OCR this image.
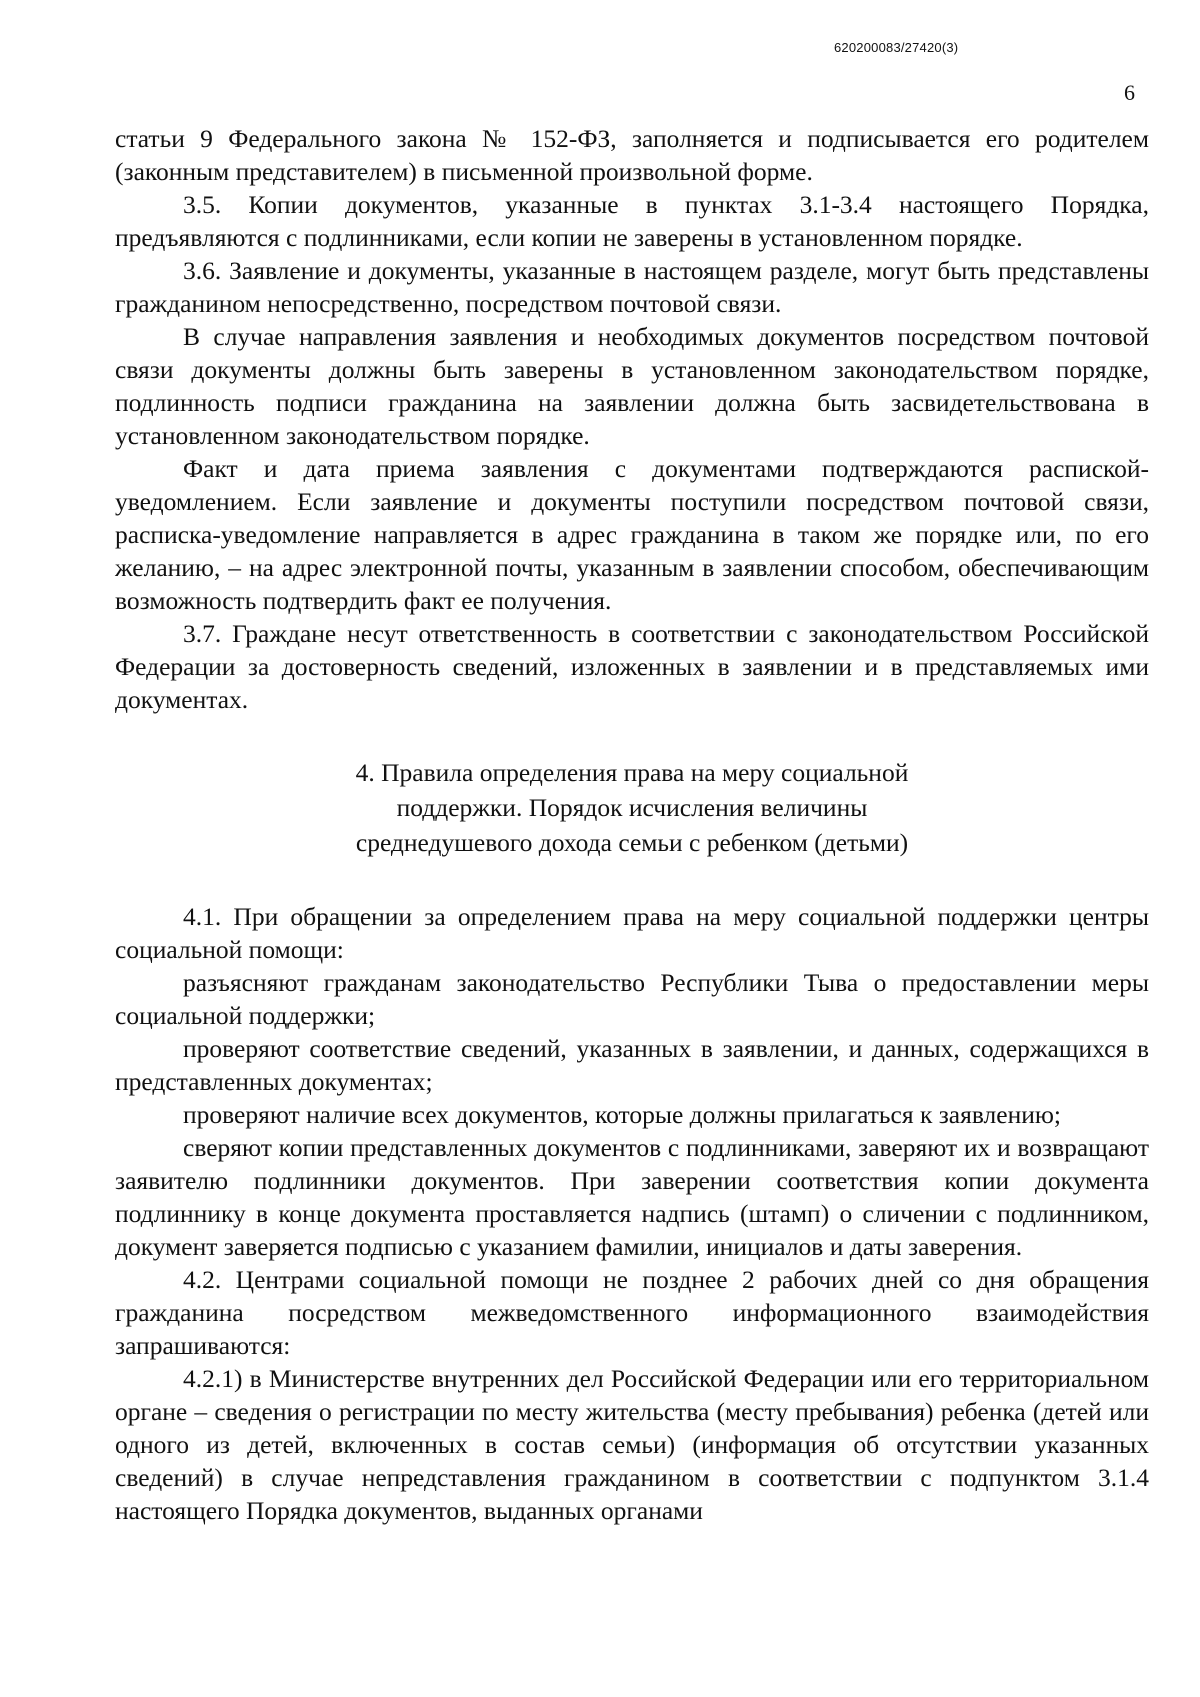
620200083/27420(3)
6

статьи 9 Федерального закона № 152-ФЗ, заполняется и подписывается его родителем (законным представителем) в письменной произвольной форме.

3.5. Копии документов, указанные в пунктах 3.1-3.4 настоящего Порядка, предъявляются с подлинниками, если копии не заверены в установленном порядке.

3.6. Заявление и документы, указанные в настоящем разделе, могут быть представлены гражданином непосредственно, посредством почтовой связи.

В случае направления заявления и необходимых документов посредством почтовой связи документы должны быть заверены в установленном законодательством порядке, подлинность подписи гражданина на заявлении должна быть засвидетельствована в установленном законодательством порядке.

Факт и дата приема заявления с документами подтверждаются распиской-уведомлением. Если заявление и документы поступили посредством почтовой связи, расписка-уведомление направляется в адрес гражданина в таком же порядке или, по его желанию, – на адрес электронной почты, указанным в заявлении способом, обеспечивающим возможность подтвердить факт ее получения.

3.7. Граждане несут ответственность в соответствии с законодательством Российской Федерации за достоверность сведений, изложенных в заявлении и в представляемых ими документах.

4. Правила определения права на меру социальной
поддержки. Порядок исчисления величины
среднедушевого дохода семьи с ребенком (детьми)

4.1. При обращении за определением права на меру социальной поддержки центры социальной помощи:

разъясняют гражданам законодательство Республики Тыва о предоставлении меры социальной поддержки;

проверяют соответствие сведений, указанных в заявлении, и данных, содержащихся в представленных документах;

проверяют наличие всех документов, которые должны прилагаться к заявлению;

сверяют копии представленных документов с подлинниками, заверяют их и возвращают заявителю подлинники документов. При заверении соответствия копии документа подлиннику в конце документа проставляется надпись (штамп) о сличении с подлинником, документ заверяется подписью с указанием фамилии, инициалов и даты заверения.

4.2. Центрами социальной помощи не позднее 2 рабочих дней со дня обращения гражданина посредством межведомственного информационного взаимодействия запрашиваются:

4.2.1) в Министерстве внутренних дел Российской Федерации или его территориальном органе – сведения о регистрации по месту жительства (месту пребывания) ребенка (детей или одного из детей, включенных в состав семьи) (информация об отсутствии указанных сведений) в случае непредставления гражданином в соответствии с подпунктом 3.1.4 настоящего Порядка документов, выданных органами
